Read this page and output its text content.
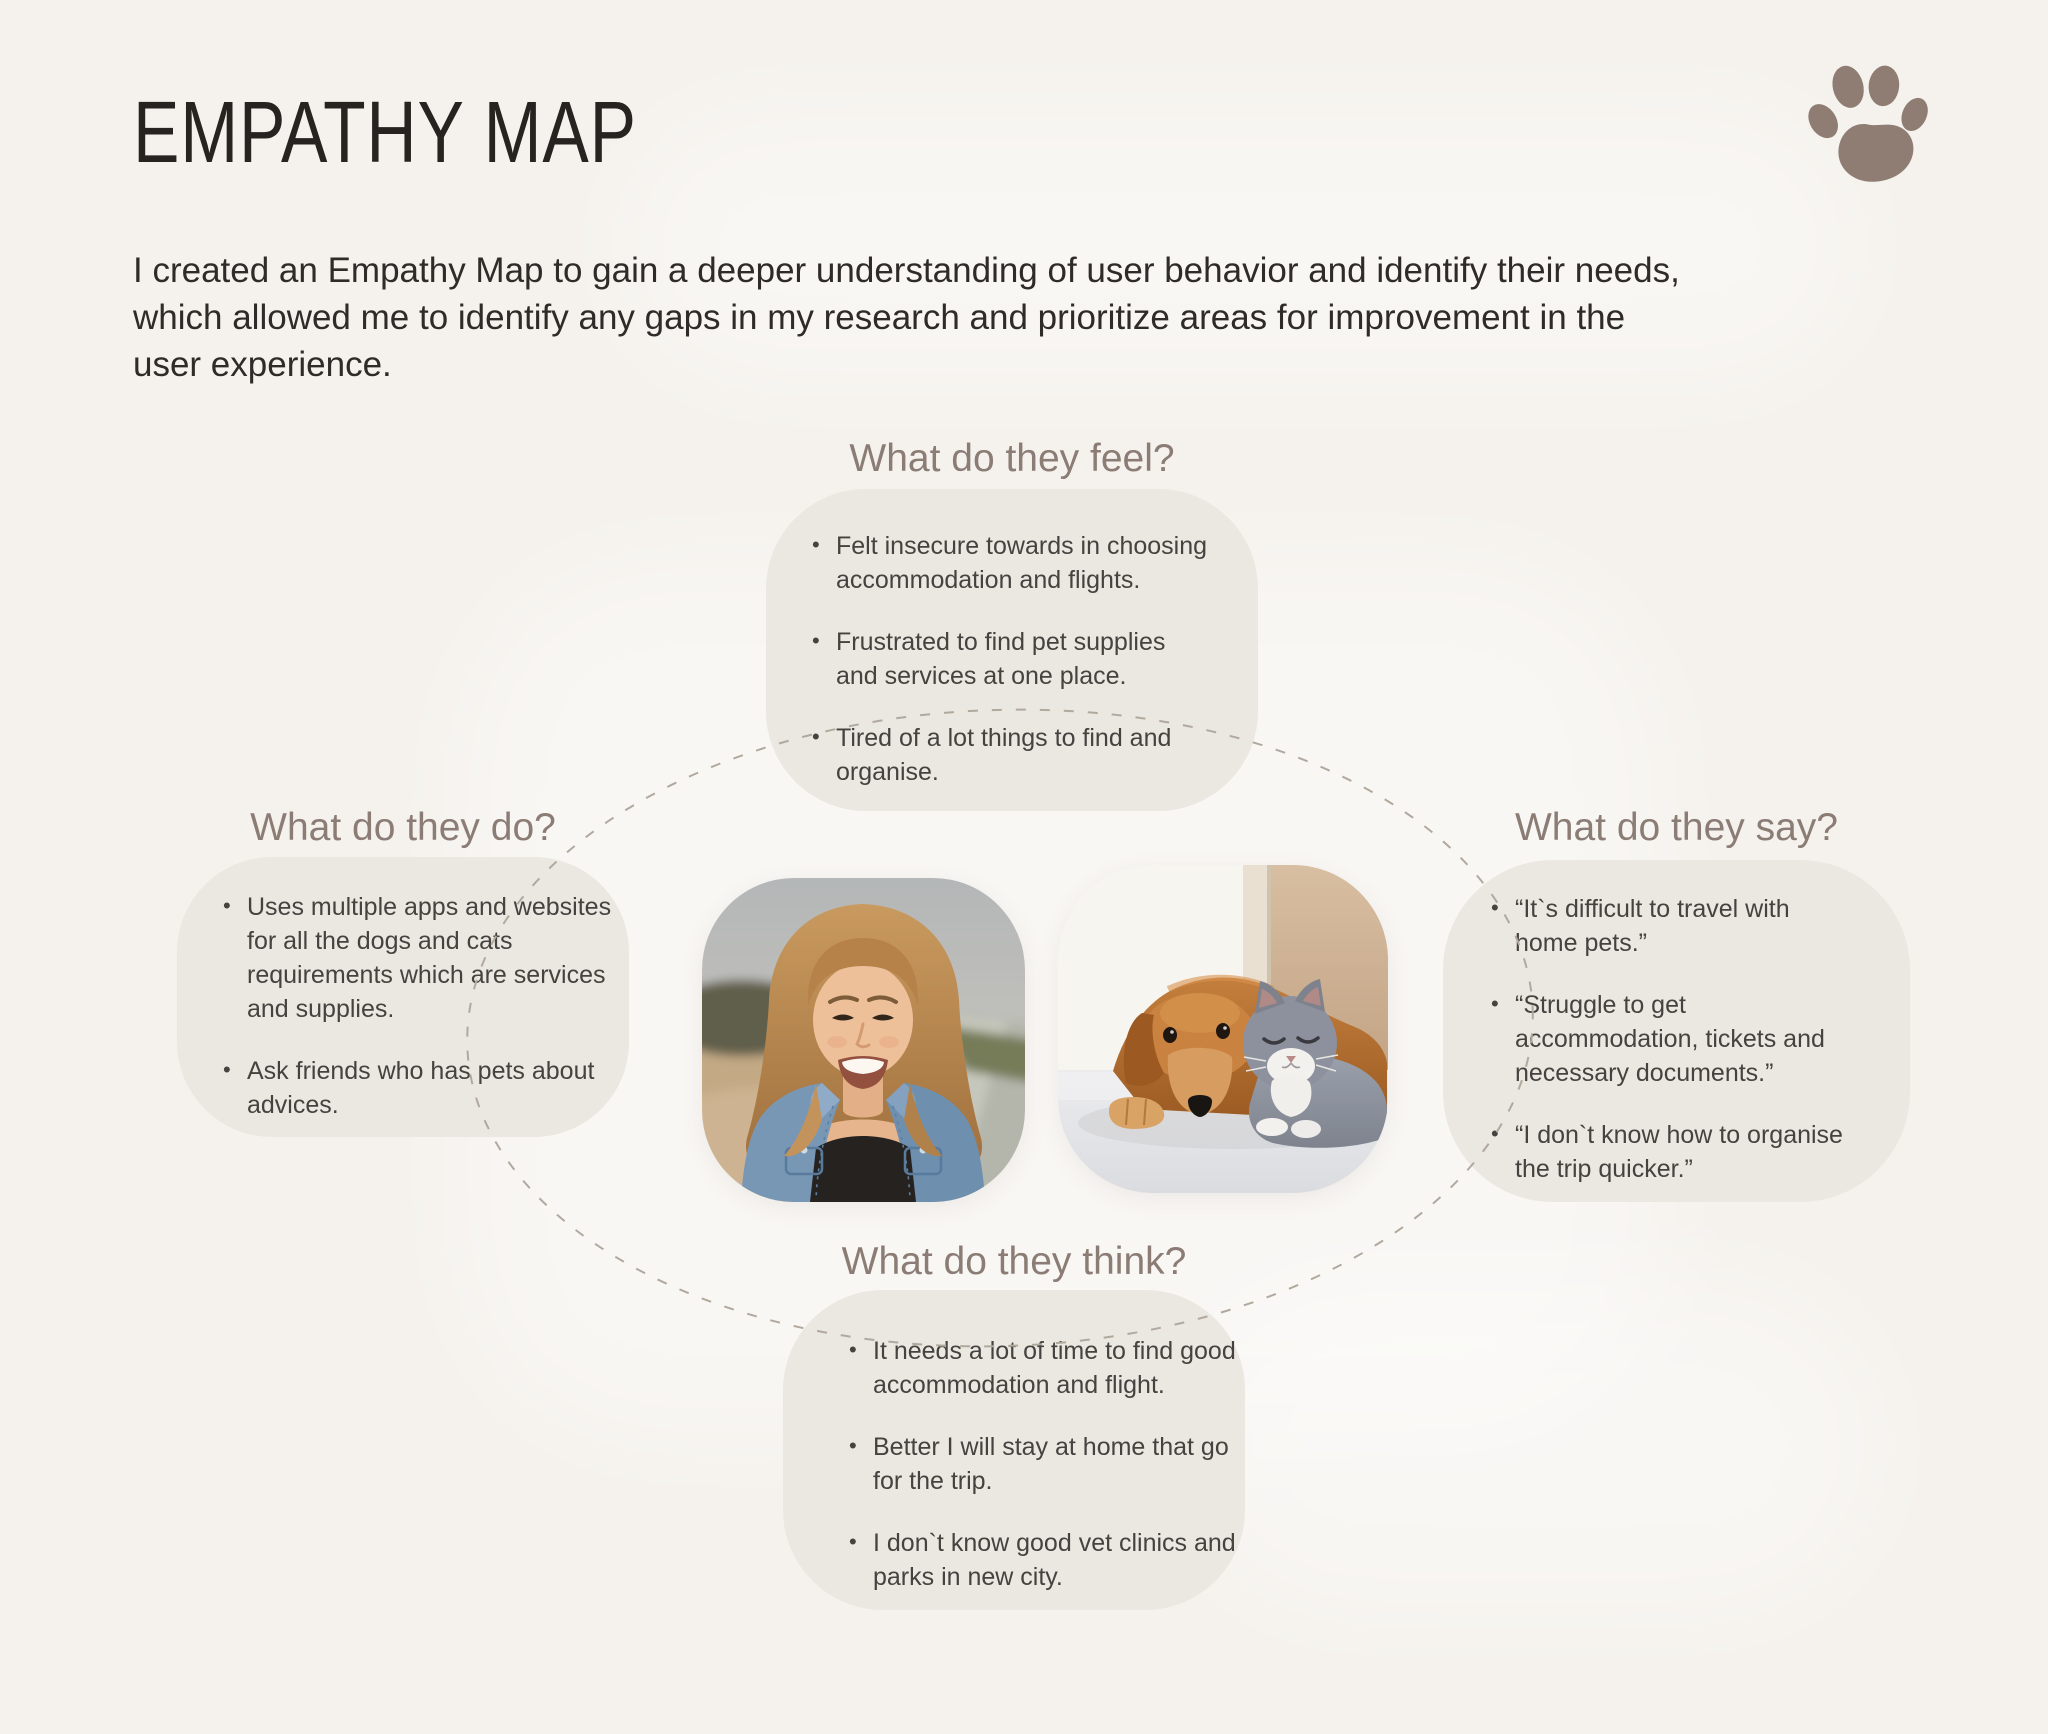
EMPATHY MAP

I created an Empathy Map to gain a deeper understanding of user behavior and identify their needs, which allowed me to identify any gaps in my research and prioritize areas for improvement in the user experience.

What do they feel?
• Felt insecure towards in choosing accommodation and flights.
• Frustrated to find pet supplies and services at one place.
• Tired of a lot things to find and organise.
What do they do?
• Uses multiple apps and websites for all the dogs and cats requirements which are services and supplies.
• Ask friends who has pets about advices.
What do they say?
• “It`s difficult to travel with home pets.”
• “Struggle to get accommodation, tickets and necessary documents.”
• “I don`t know how to organise the trip quicker.”
What do they think?
• It needs a lot of time to find good accommodation and flight.
• Better I will stay at home that go for the trip.
• I don`t know good vet clinics and parks in new city.
